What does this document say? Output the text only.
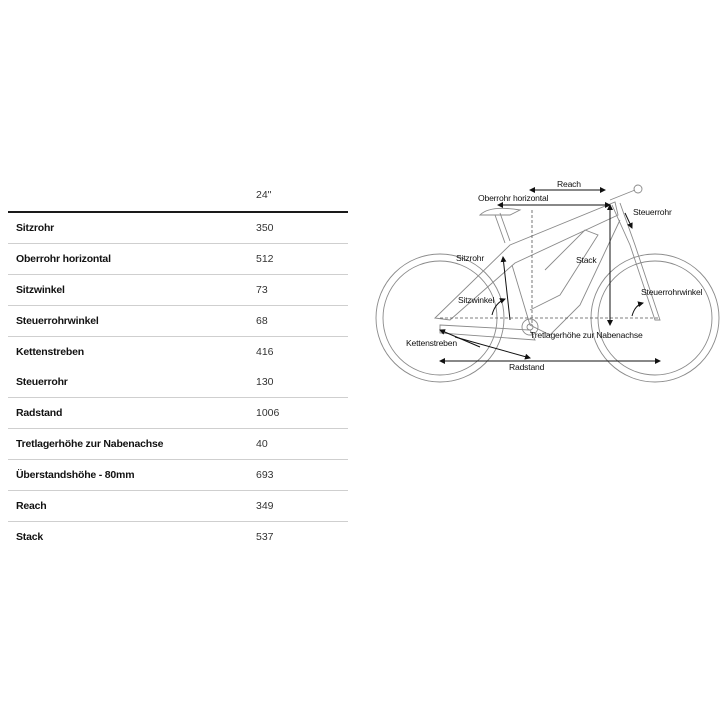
24"
Sitzrohr	350
Oberrohr horizontal	512
Sitzwinkel	73
Steuerrohrwinkel	68
Kettenstreben	416
Steuerrohr	130
Radstand	1006
Tretlagerhöhe zur Nabenachse	40
Überstandshöhe - 80mm	693
Reach	349
Stack	537
Reach
Oberrohr horizontal
Steuerrohr
Sitzrohr	Stack
Sitzwinkel
Steuerrohrwinkel
Tretlagerhöhe zur Nabenachse
Kettenstreben
Radstand
